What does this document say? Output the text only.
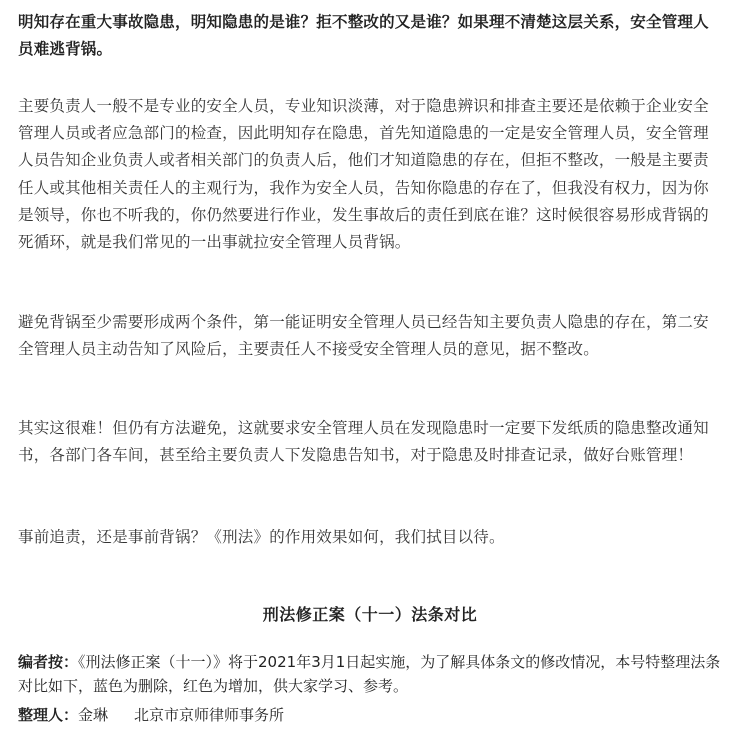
明知存在重大事故隐患，明知隐患的是谁？拒不整改的又是谁？如果理不清楚这层关系，安全管理人员难逃背锅。

主要负责人一般不是专业的安全人员，专业知识淡薄，对于隐患辨识和排查主要还是依赖于企业安全管理人员或者应急部门的检查，因此明知存在隐患，首先知道隐患的一定是安全管理人员，安全管理人员告知企业负责人或者相关部门的负责人后，他们才知道隐患的存在，但拒不整改，一般是主要责任人或其他相关责任人的主观行为，我作为安全人员，告知你隐患的存在了，但我没有权力，因为你是领导，你也不听我的，你仍然要进行作业，发生事故后的责任到底在谁？这时候很容易形成背锅的死循环，就是我们常见的一出事就拉安全管理人员背锅。

避免背锅至少需要形成两个条件，第一能证明安全管理人员已经告知主要负责人隐患的存在，第二安全管理人员主动告知了风险后，主要责任人不接受安全管理人员的意见，据不整改。

其实这很难！但仍有方法避免，这就要求安全管理人员在发现隐患时一定要下发纸质的隐患整改通知书，各部门各车间，甚至给主要负责人下发隐患告知书，对于隐患及时排查记录，做好台账管理！

事前追责，还是事前背锅？《刑法》的作用效果如何，我们拭目以待。

刑法修正案（十一）法条对比
编者按：《刑法修正案（十一）》将于2021年3月1日起实施，为了解具体条文的修改情况，本号特整理法条对比如下，蓝色为删除，红色为增加，供大家学习、参考。
整理人：金琳 北京市京师律师事务所
